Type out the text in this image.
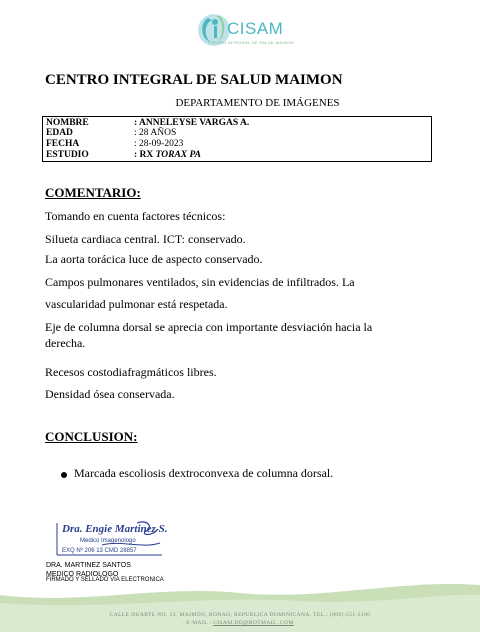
CISAM
CENTRO INTEGRAL DE SALUD MAIMON
CENTRO INTEGRAL DE SALUD MAIMON
DEPARTAMENTO DE IMÁGENES
NOMBRE	: ANNELEYSE VARGAS A.
EDAD	: 28 AÑOS
FECHA	: 28-09-2023
ESTUDIO	: RX TORAX PA
COMENTARIO:
Tomando en cuenta factores técnicos:
Silueta cardiaca central. ICT: conservado.
La aorta torácica luce de aspecto conservado.
Campos pulmonares ventilados, sin evidencias de infiltrados. La
vascularidad pulmonar está respetada.
Eje de columna dorsal se aprecia con importante desviación hacia la derecha.
Recesos costodiafragmáticos libres.
Densidad ósea conservada.
CONCLUSION:
Marcada escoliosis dextroconvexa de columna dorsal.
Dra. Engie Martinez S.
Medico Imagenologo
EXQ Nº 206 13 CMD 28857
DRA. MARTINEZ SANTOS
MEDICO RADIOLOGO
FIRMADO Y SELLADO VIA ELECTRONICA
CALLE DUARTE NO. 13, MAIMÓN, BONAO, REPUBLICA DOMINICANA, TEL.: (809)-551-2196
E-MAIL : CISAM.DO@HOTMAIL .COM
